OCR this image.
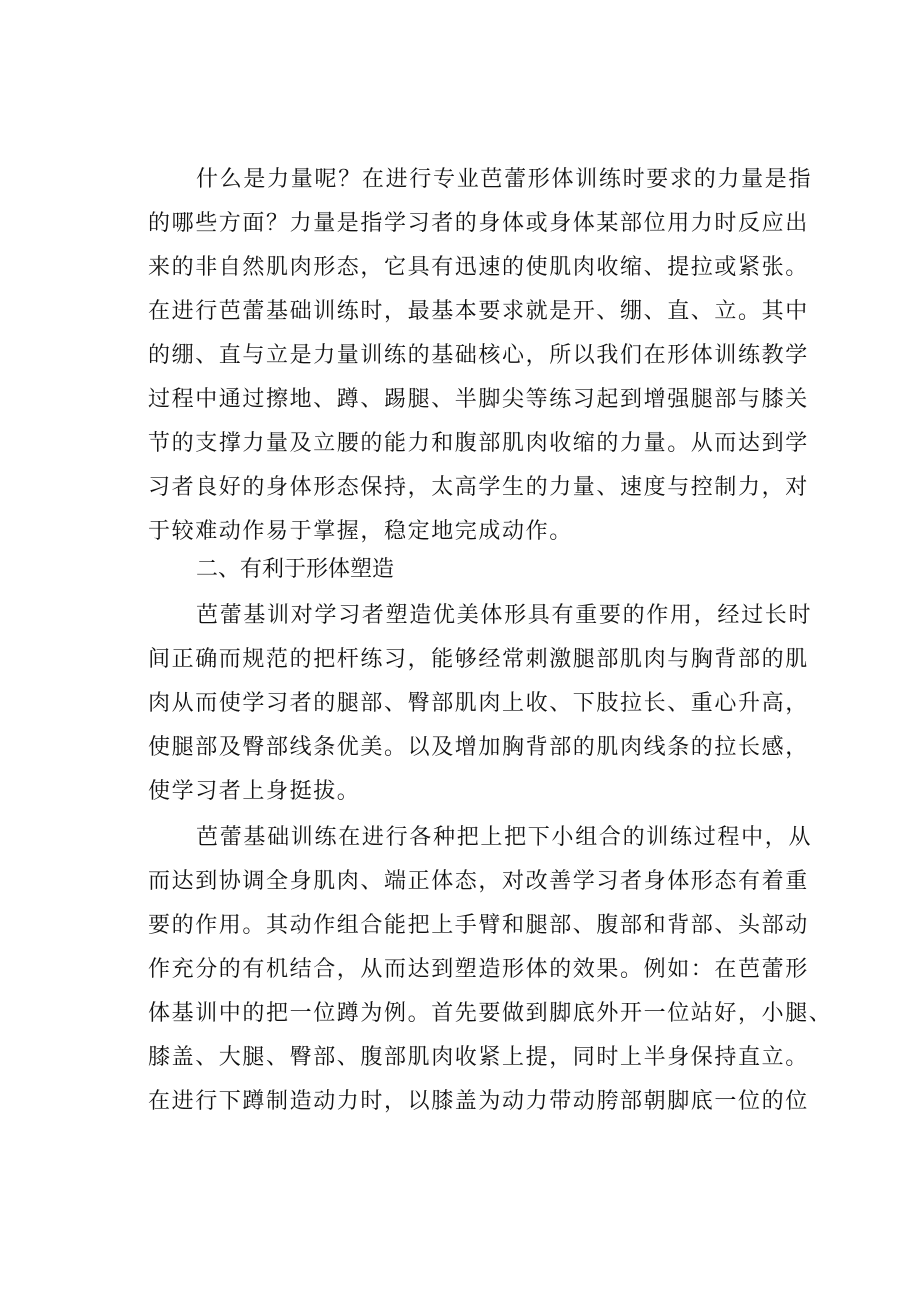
什么是力量呢？在进行专业芭蕾形体训练时要求的力量是指

的哪些方面？力量是指学习者的身体或身体某部位用力时反应出

来的非自然肌肉形态，它具有迅速的使肌肉收缩、提拉或紧张。

在进行芭蕾基础训练时，最基本要求就是开、绷、直、立。其中

的绷、直与立是力量训练的基础核心，所以我们在形体训练教学

过程中通过擦地、蹲、踢腿、半脚尖等练习起到增强腿部与膝关

节的支撑力量及立腰的能力和腹部肌肉收缩的力量。从而达到学

习者良好的身体形态保持，太高学生的力量、速度与控制力，对

于较难动作易于掌握，稳定地完成动作。

二、有利于形体塑造

芭蕾基训对学习者塑造优美体形具有重要的作用，经过长时

间正确而规范的把杆练习，能够经常刺激腿部肌肉与胸背部的肌

肉从而使学习者的腿部、臀部肌肉上收、下肢拉长、重心升高，

使腿部及臀部线条优美。以及增加胸背部的肌肉线条的拉长感，

使学习者上身挺拔。

芭蕾基础训练在进行各种把上把下小组合的训练过程中，从

而达到协调全身肌肉、端正体态，对改善学习者身体形态有着重

要的作用。其动作组合能把上手臂和腿部、腹部和背部、头部动

作充分的有机结合，从而达到塑造形体的效果。例如：在芭蕾形

体基训中的把一位蹲为例。首先要做到脚底外开一位站好，小腿、

膝盖、大腿、臀部、腹部肌肉收紧上提，同时上半身保持直立。

在进行下蹲制造动力时，以膝盖为动力带动胯部朝脚底一位的位
